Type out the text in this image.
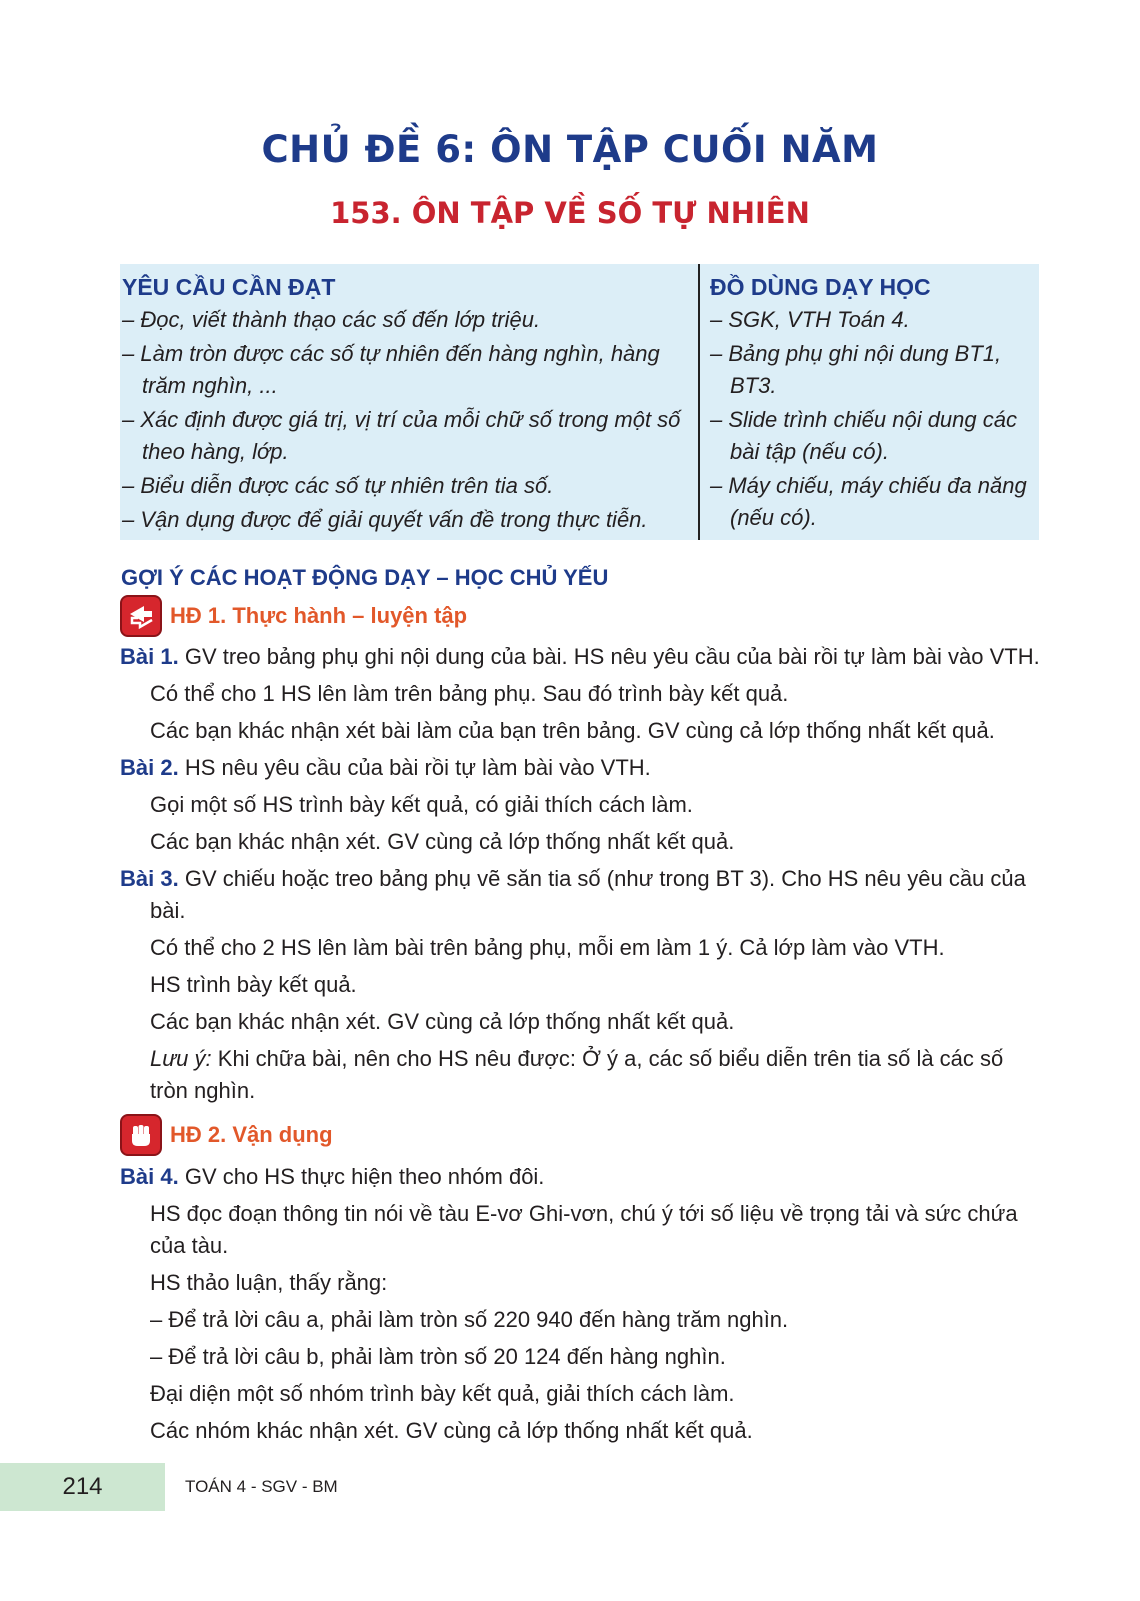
CHỦ ĐỀ 6: ÔN TẬP CUỐI NĂM
153. ÔN TẬP VỀ SỐ TỰ NHIÊN
YÊU CẦU CẦN ĐẠT
– Đọc, viết thành thạo các số đến lớp triệu.
– Làm tròn được các số tự nhiên đến hàng nghìn, hàng trăm nghìn, ...
– Xác định được giá trị, vị trí của mỗi chữ số trong một số theo hàng, lớp.
– Biểu diễn được các số tự nhiên trên tia số.
– Vận dụng được để giải quyết vấn đề trong thực tiễn.
ĐỒ DÙNG DẠY HỌC
– SGK, VTH Toán 4.
– Bảng phụ ghi nội dung BT1, BT3.
– Slide trình chiếu nội dung các bài tập (nếu có).
– Máy chiếu, máy chiếu đa năng (nếu có).
GỢI Ý CÁC HOẠT ĐỘNG DẠY – HỌC CHỦ YẾU
HĐ 1. Thực hành – luyện tập

Bài 1. GV treo bảng phụ ghi nội dung của bài. HS nêu yêu cầu của bài rồi tự làm bài vào VTH.

Có thể cho 1 HS lên làm trên bảng phụ. Sau đó trình bày kết quả.

Các bạn khác nhận xét bài làm của bạn trên bảng. GV cùng cả lớp thống nhất kết quả.

Bài 2. HS nêu yêu cầu của bài rồi tự làm bài vào VTH.

Gọi một số HS trình bày kết quả, có giải thích cách làm.

Các bạn khác nhận xét. GV cùng cả lớp thống nhất kết quả.

Bài 3. GV chiếu hoặc treo bảng phụ vẽ săn tia số (như trong BT 3). Cho HS nêu yêu cầu của bài.

Có thể cho 2 HS lên làm bài trên bảng phụ, mỗi em làm 1 ý. Cả lớp làm vào VTH.

HS trình bày kết quả.

Các bạn khác nhận xét. GV cùng cả lớp thống nhất kết quả.

Lưu ý: Khi chữa bài, nên cho HS nêu được: Ở ý a, các số biểu diễn trên tia số là các số tròn nghìn.

HĐ 2. Vận dụng

Bài 4. GV cho HS thực hiện theo nhóm đôi.

HS đọc đoạn thông tin nói về tàu E-vơ Ghi-vơn, chú ý tới số liệu về trọng tải và sức chứa của tàu.

HS thảo luận, thấy rằng:

– Để trả lời câu a, phải làm tròn số 220 940 đến hàng trăm nghìn.

– Để trả lời câu b, phải làm tròn số 20 124 đến hàng nghìn.

Đại diện một số nhóm trình bày kết quả, giải thích cách làm.

Các nhóm khác nhận xét. GV cùng cả lớp thống nhất kết quả.

214	TOÁN 4 - SGV - BM
